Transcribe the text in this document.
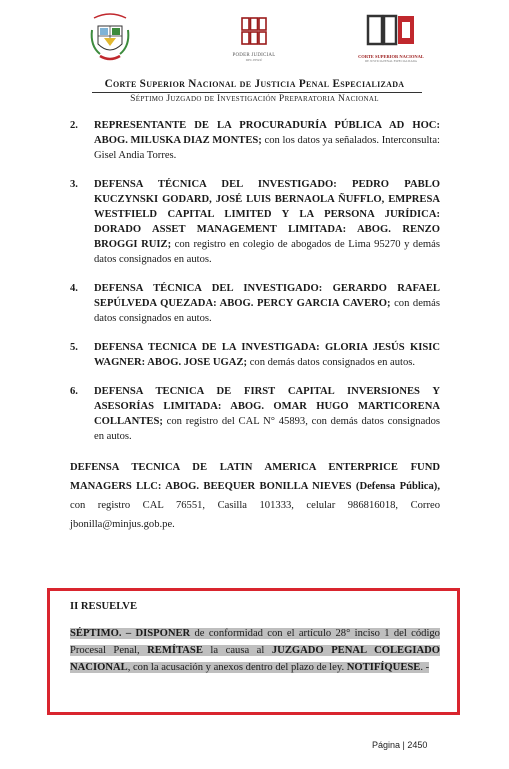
PODER JUDICIAL
DEL PERÚ
CORTE SUPERIOR NACIONAL
DE JUSTICIA PENAL ESPECIALIZADA
Corte Superior Nacional de Justicia Penal Especializada
Séptimo Juzgado de Investigación Preparatoria Nacional
2. REPRESENTANTE DE LA PROCURADURÍA PÚBLICA AD HOC: ABOG. MILUSKA DIAZ MONTES; con los datos ya señalados. Interconsulta: Gisel Andia Torres.
3. DEFENSA TÉCNICA DEL INVESTIGADO: PEDRO PABLO KUCZYNSKI GODARD, JOSÉ LUIS BERNAOLA ÑUFFLO, EMPRESA WESTFIELD CAPITAL LIMITED Y LA PERSONA JURÍDICA: DORADO ASSET MANAGEMENT LIMITADA: ABOG. RENZO BROGGI RUIZ; con registro en colegio de abogados de Lima 95270 y demás datos consignados en autos.
4. DEFENSA TÉCNICA DEL INVESTIGADO: GERARDO RAFAEL SEPÚLVEDA QUEZADA: ABOG. PERCY GARCIA CAVERO; con demás datos consignados en autos.
5. DEFENSA TECNICA DE LA INVESTIGADA: GLORIA JESÚS KISIC WAGNER: ABOG. JOSE UGAZ; con demás datos consignados en autos.
6. DEFENSA TECNICA DE FIRST CAPITAL INVERSIONES Y ASESORÍAS LIMITADA: ABOG. OMAR HUGO MARTICORENA COLLANTES; con registro del CAL N° 45893, con demás datos consignados en autos.
DEFENSA TECNICA DE LATIN AMERICA ENTERPRICE FUND MANAGERS LLC: ABOG. BEEQUER BONILLA NIEVES (Defensa Pública), con registro CAL 76551, Casilla 101333, celular 986816018, Correo jbonilla@minjus.gob.pe.
II RESUELVE
SÉPTIMO. – DISPONER de conformidad con el artículo 28° inciso 1 del código Procesal Penal, REMÍTASE la causa al JUZGADO PENAL COLEGIADO NACIONAL, con la acusación y anexos dentro del plazo de ley. NOTIFÍQUESE. -
Página | 2450
